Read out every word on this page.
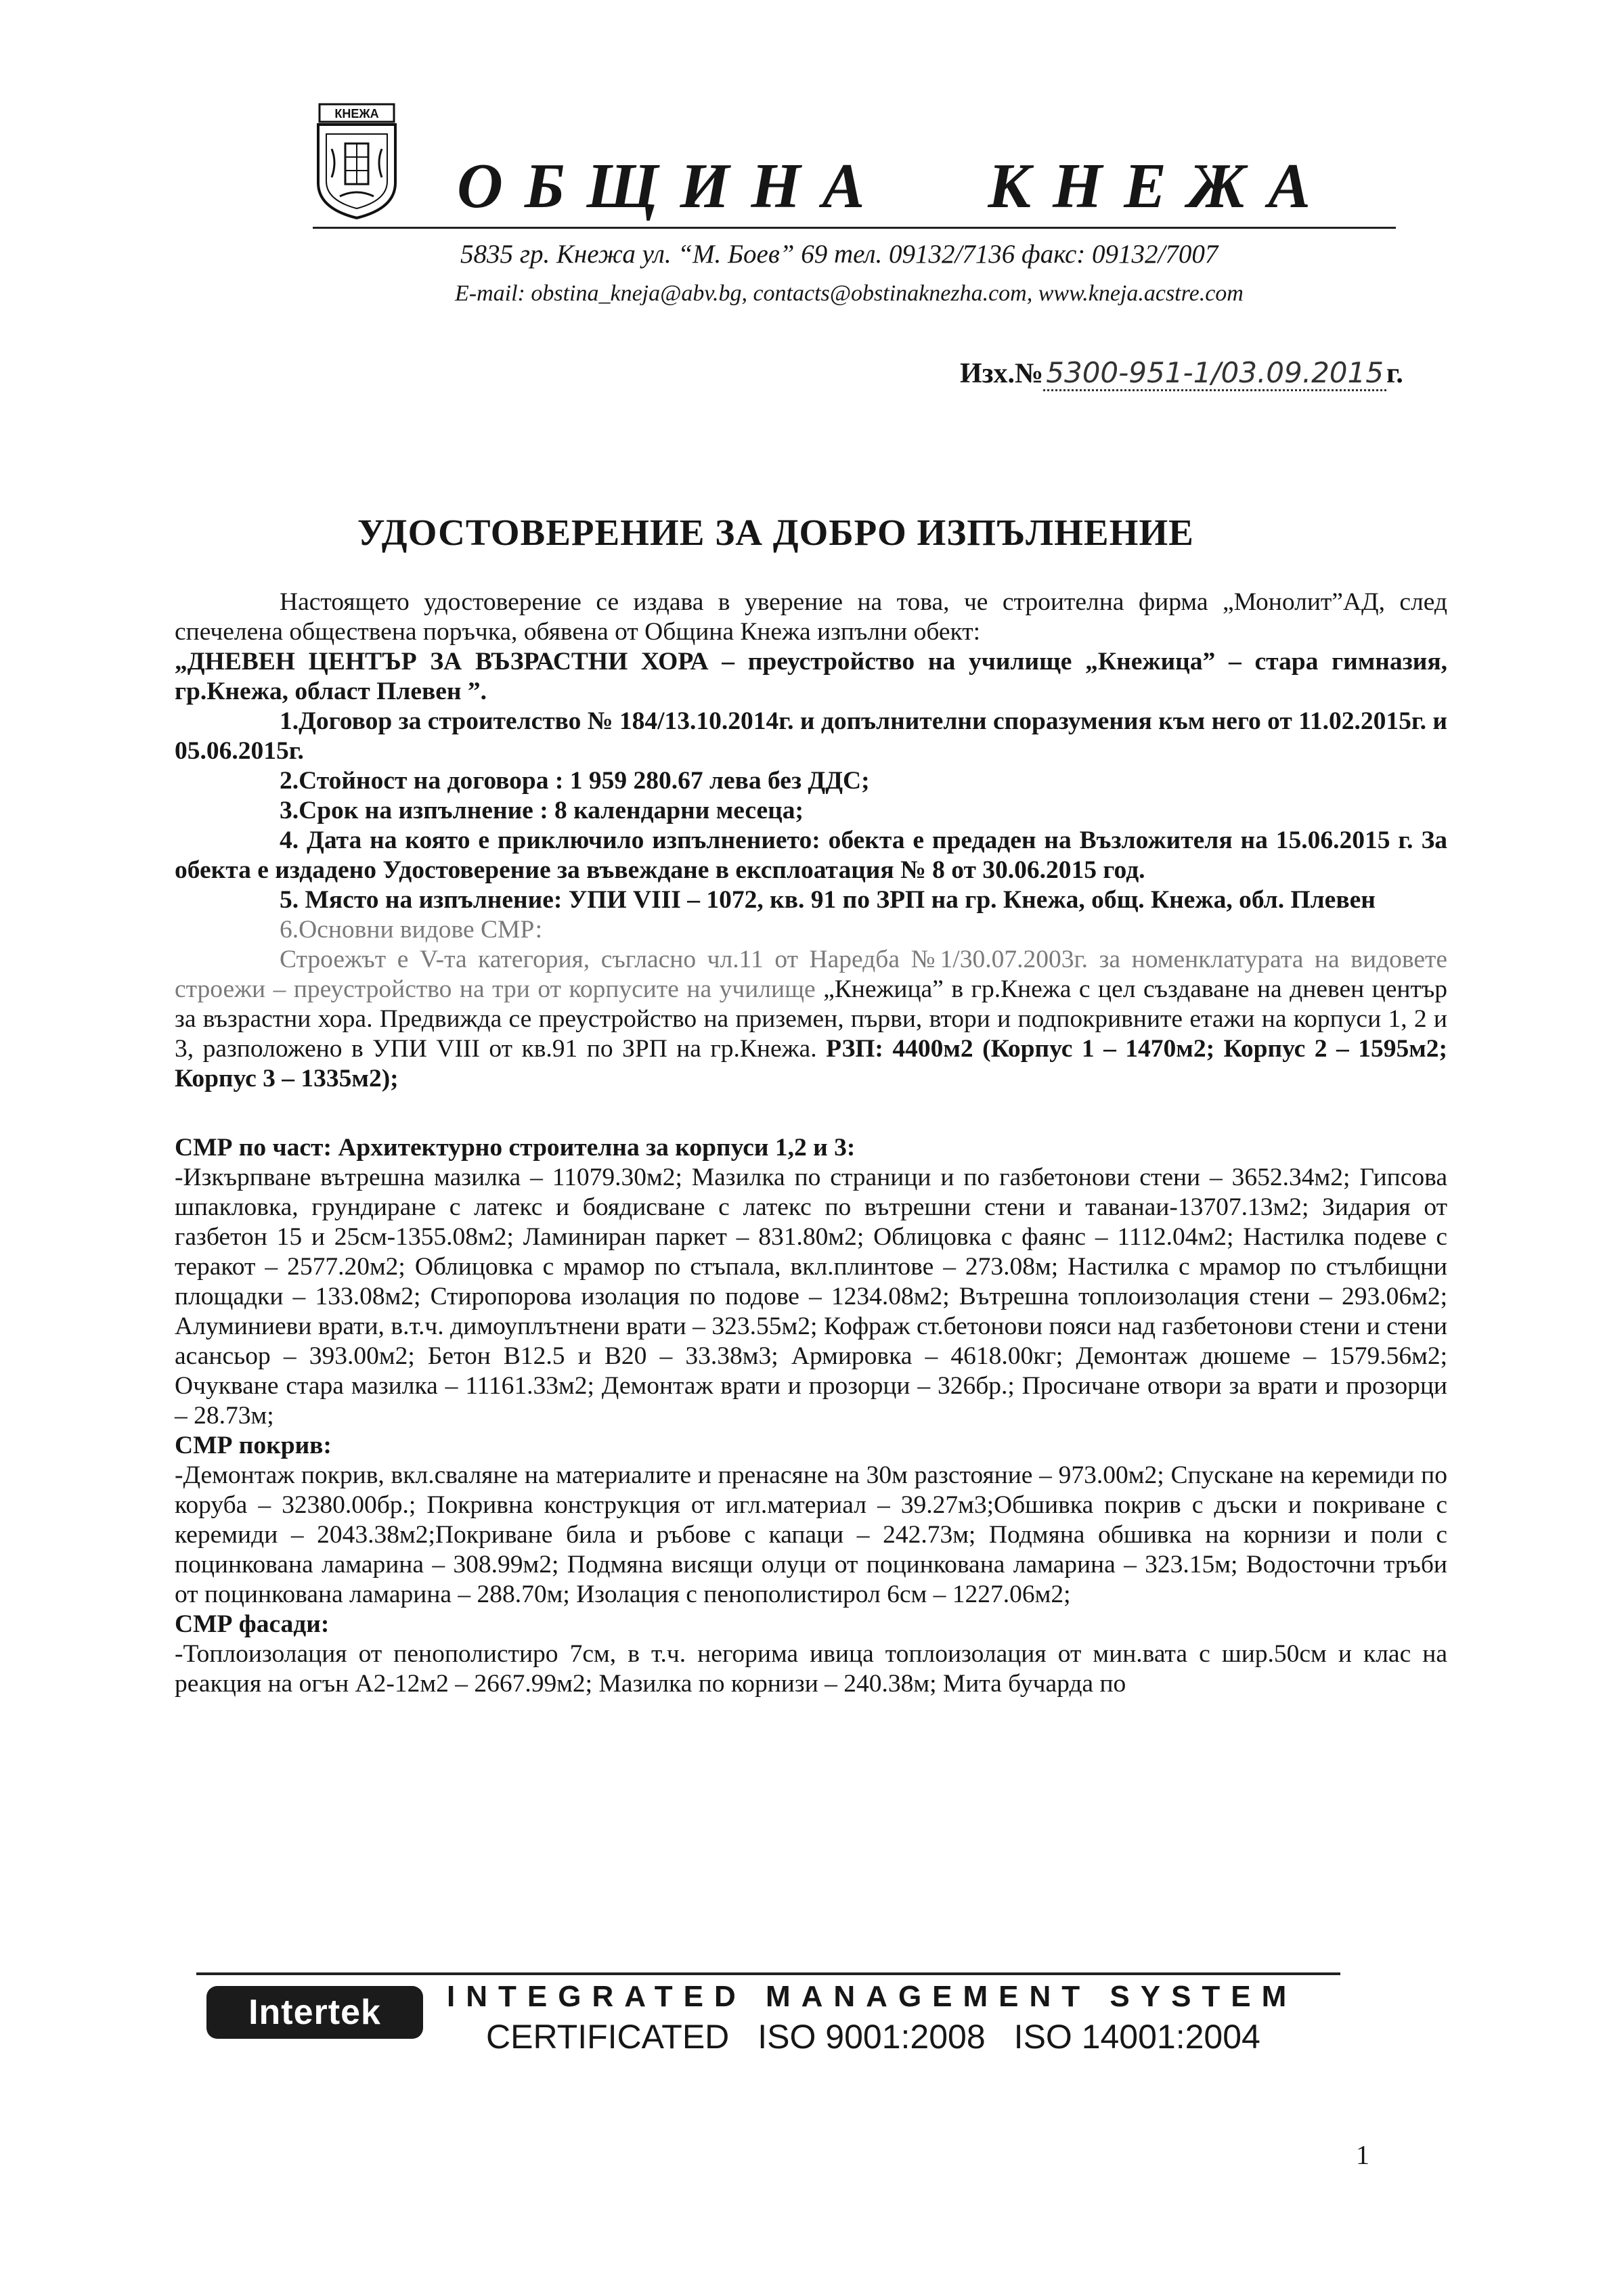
КНЕЖА
ОБЩИНА КНЕЖА
5835 гр. Кнежа ул. “М. Боев” 69 тел. 09132/7136 факс: 09132/7007
E-mail: obstina_kneja@abv.bg, contacts@obstinaknezha.com, www.kneja.acstre.com
Изх.№5300-951-1/03.09.2015г.
УДОСТОВЕРЕНИЕ ЗА ДОБРО ИЗПЪЛНЕНИЕ

Настоящето удостоверение се издава в уверение на това, че строителна фирма „Монолит”АД, след спечелена обществена поръчка, обявена от Община Кнежа изпълни обект:

„ДНЕВЕН ЦЕНТЪР ЗА ВЪЗРАСТНИ ХОРА – преустройство на училище „Кнежица” – стара гимназия, гр.Кнежа, област Плевен ”.

1.Договор за строителство № 184/13.10.2014г. и допълнителни споразумения към него от 11.02.2015г. и 05.06.2015г.

2.Стойност на договора : 1 959 280.67 лева без ДДС;

3.Срок на изпълнение : 8 календарни месеца;

4. Дата на която е приключило изпълнението: обекта е предаден на Възложителя на 15.06.2015 г. За обекта е издадено Удостоверение за въвеждане в експлоатация № 8 от 30.06.2015 год.

5. Място на изпълнение: УПИ VIII – 1072, кв. 91 по ЗРП на гр. Кнежа, общ. Кнежа, обл. Плевен

6.Основни видове СМР:

Строежът е V-та категория, съгласно чл.11 от Наредба №1/30.07.2003г. за номенклатурата на видовете строежи – преустройство на три от корпусите на училище „Кнежица” в гр.Кнежа с цел създаване на дневен център за възрастни хора. Предвижда се преустройство на приземен, първи, втори и подпокривните етажи на корпуси 1, 2 и 3, разположено в УПИ VIII от кв.91 по ЗРП на гр.Кнежа. РЗП: 4400м2 (Корпус 1 – 1470м2; Корпус 2 – 1595м2; Корпус 3 – 1335м2);

СМР по част: Архитектурно строителна за корпуси 1,2 и 3:

-Изкърпване вътрешна мазилка – 11079.30м2; Мазилка по страници и по газбетонови стени – 3652.34м2; Гипсова шпакловка, грундиране с латекс и боядисване с латекс по вътрешни стени и таванаи-13707.13м2; Зидария от газбетон 15 и 25см-1355.08м2; Ламиниран паркет – 831.80м2; Облицовка с фаянс – 1112.04м2; Настилка подеве с теракот – 2577.20м2; Облицовка с мрамор по стъпала, вкл.плинтове – 273.08м; Настилка с мрамор по стълбищни площадки – 133.08м2; Стиропорова изолация по подове – 1234.08м2; Вътрешна топлоизолация стени – 293.06м2; Алуминиеви врати, в.т.ч. димоуплътнени врати – 323.55м2; Кофраж ст.бетонови пояси над газбетонови стени и стени асансьор – 393.00м2; Бетон В12.5 и В20 – 33.38м3; Армировка – 4618.00кг; Демонтаж дюшеме – 1579.56м2; Очукване стара мазилка – 11161.33м2; Демонтаж врати и прозорци – 326бр.; Просичане отвори за врати и прозорци – 28.73м;

СМР покрив:

-Демонтаж покрив, вкл.сваляне на материалите и пренасяне на 30м разстояние – 973.00м2; Спускане на керемиди по коруба – 32380.00бр.; Покривна конструкция от игл.материал – 39.27м3;Обшивка покрив с дъски и покриване с керемиди – 2043.38м2;Покриване била и ръбове с капаци – 242.73м; Подмяна обшивка на корнизи и поли с поцинкована ламарина – 308.99м2; Подмяна висящи олуци от поцинкована ламарина – 323.15м; Водосточни тръби от поцинкована ламарина – 288.70м; Изолация с пенополистирол 6см – 1227.06м2;

СМР фасади:

-Топлоизолация от пенополистиро 7см, в т.ч. негорима ивица топлоизолация от мин.вата с шир.50см и клас на реакция на огън А2-12м2 – 2667.99м2; Мазилка по корнизи – 240.38м; Мита бучарда по

Intertek	INTEGRATED MANAGEMENT SYSTEM
CERTIFICATED ISO 9001:2008 ISO 14001:2004
1
